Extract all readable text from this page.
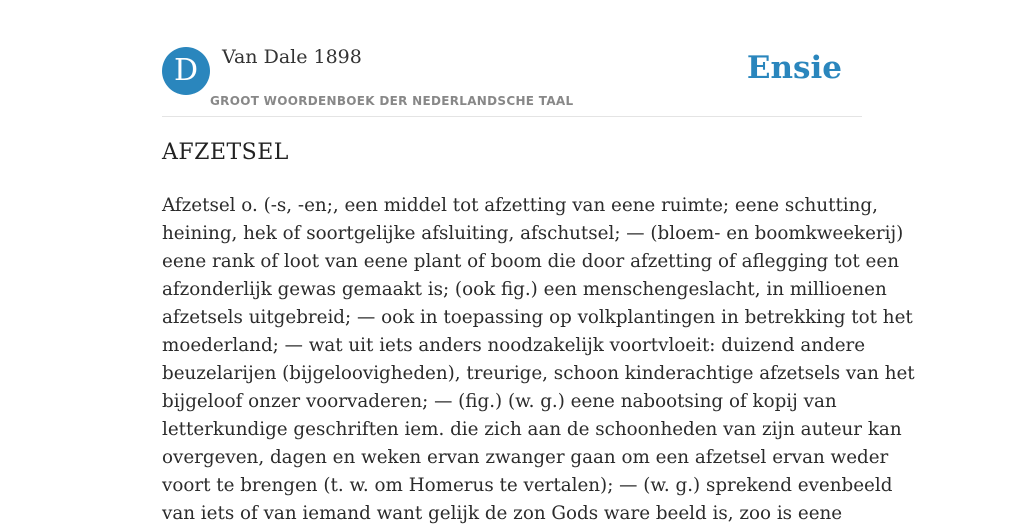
D	Van Dale 1898
GROOT WOORDENBOEK DER NEDERLANDSCHE TAAL
Ensie
AFZETSEL
Afzetsel o. (-s, -en;, een middel tot afzetting van eene ruimte; eene schutting,
heining, hek of soortgelijke afsluiting, afschutsel; — (bloem- en boomkweekerij)
eene rank of loot van eene plant of boom die door afzetting of aflegging tot een
afzonderlijk gewas gemaakt is; (ook fig.) een menschengeslacht, in millioenen
afzetsels uitgebreid; — ook in toepassing op volkplantingen in betrekking tot het
moederland; — wat uit iets anders noodzakelijk voortvloeit: duizend andere
beuzelarijen (bijgeloovigheden), treurige, schoon kinderachtige afzetsels van het
bijgeloof onzer voorvaderen; — (fig.) (w. g.) eene nabootsing of kopij van
letterkundige geschriften iem. die zich aan de schoonheden van zijn auteur kan
overgeven, dagen en weken ervan zwanger gaan om een afzetsel ervan weder
voort te brengen (t. w. om Homerus te vertalen); — (w. g.) sprekend evenbeeld
van iets of van iemand want gelijk de zon Gods ware beeld is, zoo is eene
